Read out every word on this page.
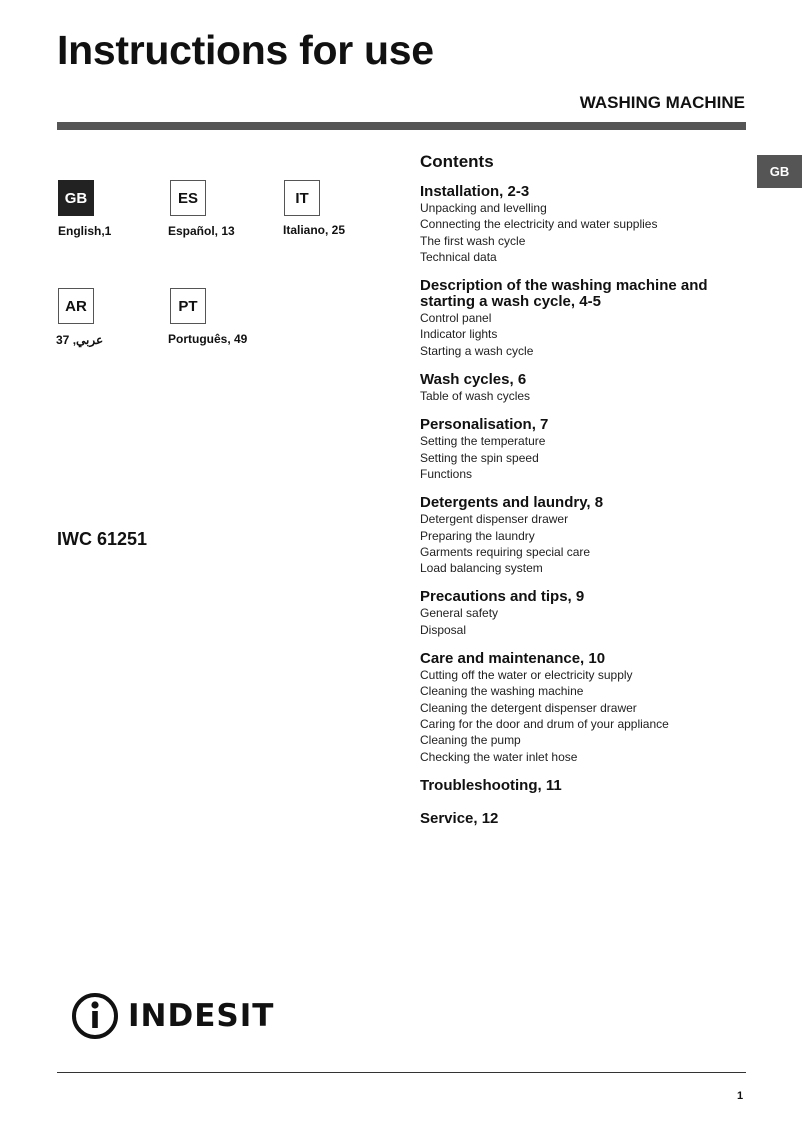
Instructions for use
WASHING MACHINE
GB
GB
English,1
ES
Español, 13
IT
Italiano, 25
AR
عربي, 37
PT
Português, 49
IWC 61251
Contents
Installation, 2-3
Unpacking and levelling
Connecting the electricity and water supplies
The first wash cycle
Technical data
Description of the washing machine and starting a wash cycle, 4-5
Control panel
Indicator lights
Starting a wash cycle
Wash cycles, 6
Table of wash cycles
Personalisation, 7
Setting the temperature
Setting the spin speed
Functions
Detergents and laundry, 8
Detergent dispenser drawer
Preparing the laundry
Garments requiring special care
Load balancing system
Precautions and tips, 9
General safety
Disposal
Care and maintenance, 10
Cutting off the water or electricity supply
Cleaning the washing machine
Cleaning the detergent dispenser drawer
Caring for the door and drum of your appliance
Cleaning the pump
Checking the water inlet hose
Troubleshooting, 11
Service, 12
INDESIT
1
